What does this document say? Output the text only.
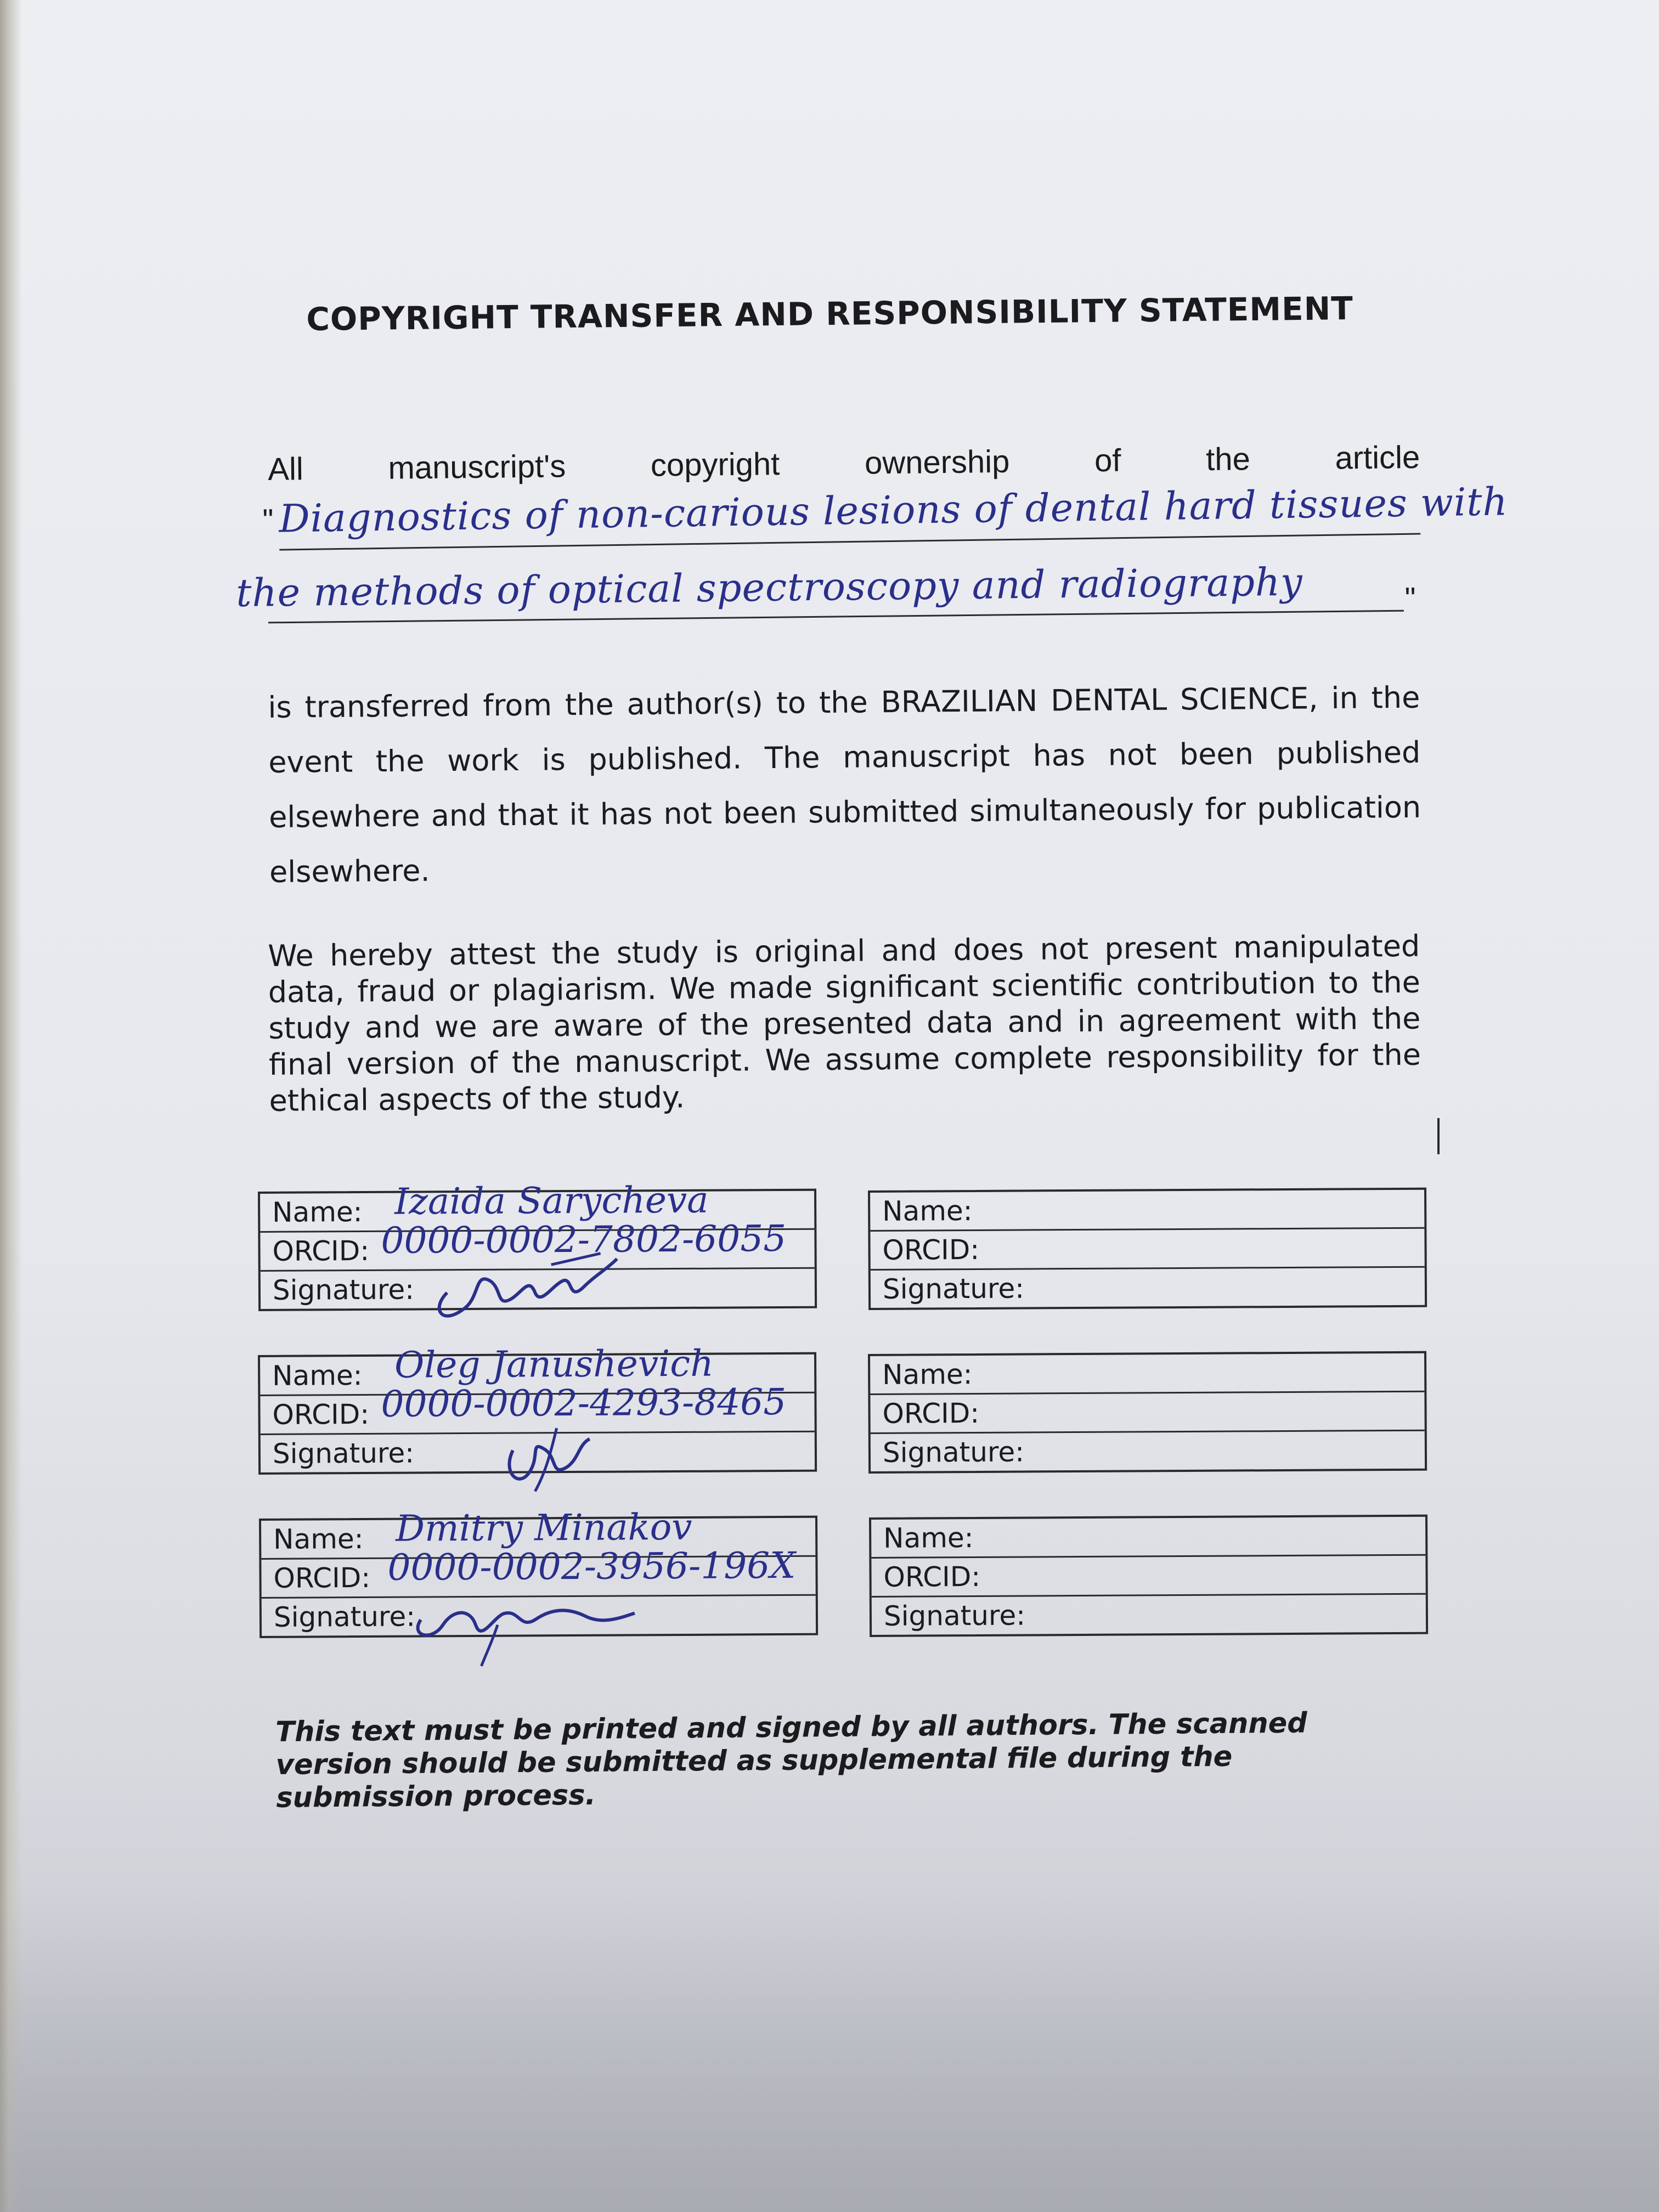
COPYRIGHT TRANSFER AND RESPONSIBILITY STATEMENT
All	manuscript's	copyright	ownership	of	the	article
" Diagnostics of non-carious lesions of dental hard tissues with
the methods of optical spectroscopy and radiography	"
is transferred from the author(s) to the BRAZILIAN DENTAL SCIENCE, in the event the work is published. The manuscript has not been published elsewhere and that it has not been submitted simultaneously for publication elsewhere.
We hereby attest the study is original and does not present manipulated data, fraud or plagiarism. We made significant scientific contribution to the study and we are aware of the presented data and in agreement with the final version of the manuscript. We assume complete responsibility for the ethical aspects of the study.
Name: Izaida Sarycheva
ORCID: 0000-0002-7802-6055
Signature:
Name:
ORCID:
Signature:
Name: Oleg Janushevich
ORCID: 0000-0002-4293-8465
Signature:
Name:
ORCID:
Signature:
Name: Dmitry Minakov
ORCID: 0000-0002-3956-196X
Signature:
Name:
ORCID:
Signature:
This text must be printed and signed by all authors. The scanned version should be submitted as supplemental file during the submission process.
